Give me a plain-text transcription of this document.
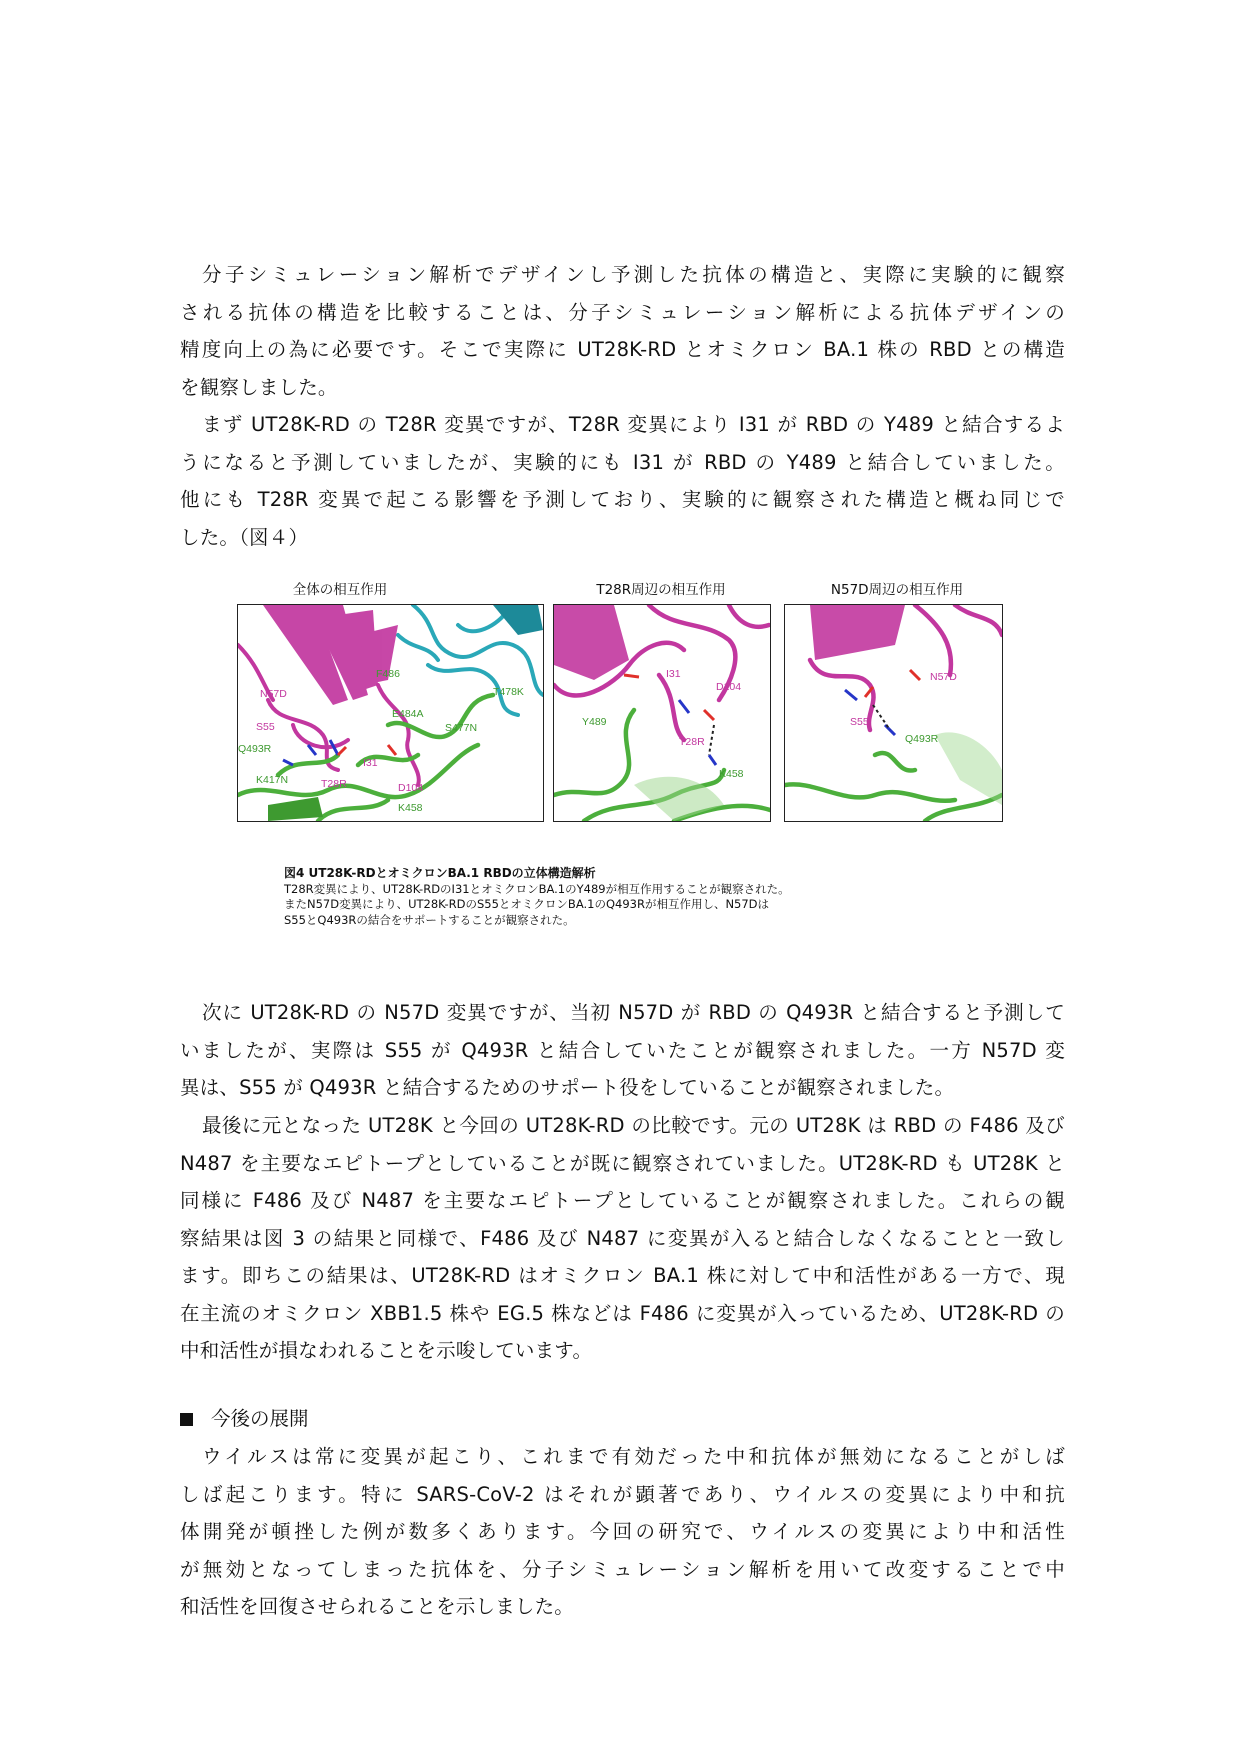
分子シミュレーション解析でデザインし予測した抗体の構造と、実際に実験的に観察
される抗体の構造を比較することは、分子シミュレーション解析による抗体デザインの
精度向上の為に必要です。そこで実際に UT28K-RD とオミクロン BA.1 株の RBD との構造
を観察しました。
まず UT28K-RD の T28R 変異ですが、T28R 変異により I31 が RBD の Y489 と結合するよ
うになると予測していましたが、実験的にも I31 が RBD の Y489 と結合していました。
他にも T28R 変異で起こる影響を予測しており、実験的に観察された構造と概ね同じで
した。（図４）
全体の相互作用	T28R周辺の相互作用	N57D周辺の相互作用
F486
T478K
N57D
E484A
S55	S477N
Q493R
I31
K417N	T28R	D104
K458
I31
D104
Y489
T28R
K458
N57D
S55
Q493R
図4 UT28K-RDとオミクロンBA.1 RBDの立体構造解析
T28R変異により、UT28K-RDのI31とオミクロンBA.1のY489が相互作用することが観察された。
またN57D変異により、UT28K-RDのS55とオミクロンBA.1のQ493Rが相互作用し、N57Dは
S55とQ493Rの結合をサポートすることが観察された。
次に UT28K-RD の N57D 変異ですが、当初 N57D が RBD の Q493R と結合すると予測して
いましたが、実際は S55 が Q493R と結合していたことが観察されました。一方 N57D 変
異は、S55 が Q493R と結合するためのサポート役をしていることが観察されました。
最後に元となった UT28K と今回の UT28K-RD の比較です。元の UT28K は RBD の F486 及び
N487 を主要なエピトープとしていることが既に観察されていました。UT28K-RD も UT28K と
同様に F486 及び N487 を主要なエピトープとしていることが観察されました。これらの観
察結果は図 3 の結果と同様で、F486 及び N487 に変異が入ると結合しなくなることと一致し
ます。即ちこの結果は、UT28K-RD はオミクロン BA.1 株に対して中和活性がある一方で、現
在主流のオミクロン XBB1.5 株や EG.5 株などは F486 に変異が入っているため、UT28K-RD の
中和活性が損なわれることを示唆しています。
今後の展開
ウイルスは常に変異が起こり、これまで有効だった中和抗体が無効になることがしば
しば起こります。特に SARS-CoV-2 はそれが顕著であり、ウイルスの変異により中和抗
体開発が頓挫した例が数多くあります。今回の研究で、ウイルスの変異により中和活性
が無効となってしまった抗体を、分子シミュレーション解析を用いて改変することで中
和活性を回復させられることを示しました。
